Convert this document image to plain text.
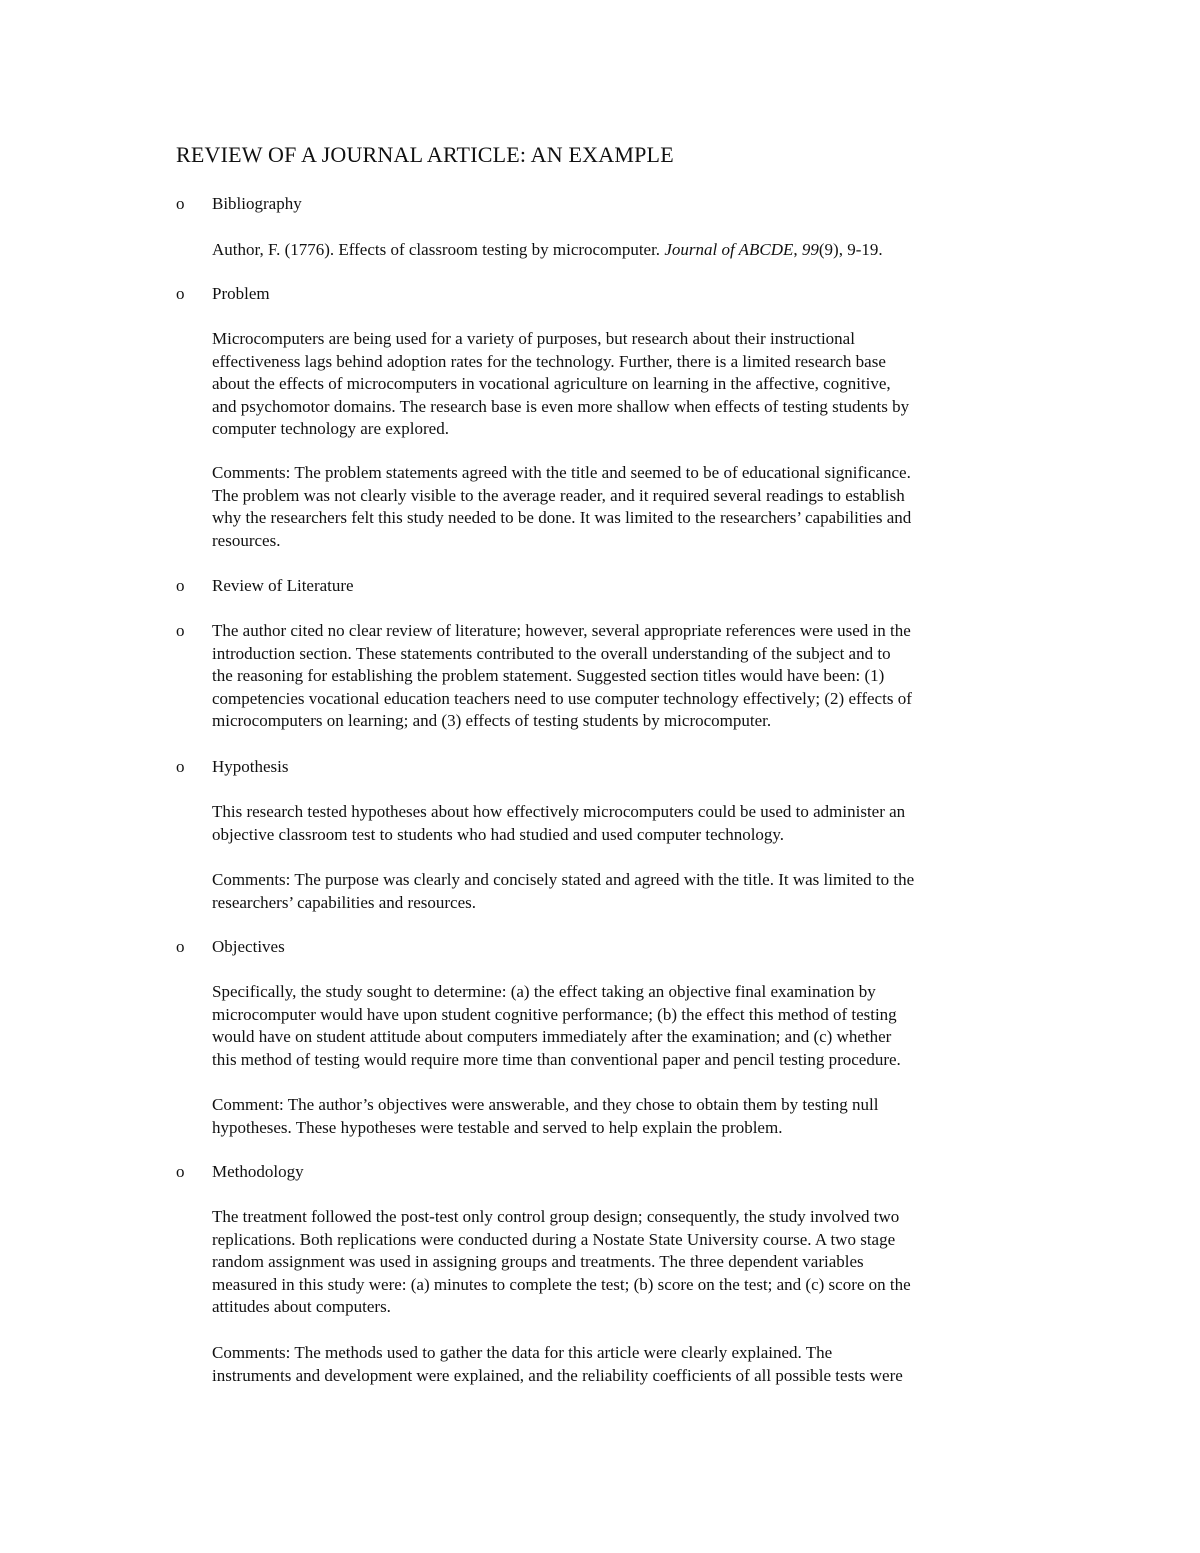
REVIEW OF A JOURNAL ARTICLE: AN EXAMPLE
o Bibliography
Author, F. (1776). Effects of classroom testing by microcomputer. Journal of ABCDE, 99(9), 9-19.
o Problem
Microcomputers are being used for a variety of purposes, but research about their instructional
effectiveness lags behind adoption rates for the technology. Further, there is a limited research base
about the effects of microcomputers in vocational agriculture on learning in the affective, cognitive,
and psychomotor domains. The research base is even more shallow when effects of testing students by
computer technology are explored.
Comments: The problem statements agreed with the title and seemed to be of educational significance.
The problem was not clearly visible to the average reader, and it required several readings to establish
why the researchers felt this study needed to be done. It was limited to the researchers’ capabilities and
resources.
o Review of Literature
o The author cited no clear review of literature; however, several appropriate references were used in the
introduction section. These statements contributed to the overall understanding of the subject and to
the reasoning for establishing the problem statement. Suggested section titles would have been: (1)
competencies vocational education teachers need to use computer technology effectively; (2) effects of
microcomputers on learning; and (3) effects of testing students by microcomputer.
o Hypothesis
This research tested hypotheses about how effectively microcomputers could be used to administer an
objective classroom test to students who had studied and used computer technology.
Comments: The purpose was clearly and concisely stated and agreed with the title. It was limited to the
researchers’ capabilities and resources.
o Objectives
Specifically, the study sought to determine: (a) the effect taking an objective final examination by
microcomputer would have upon student cognitive performance; (b) the effect this method of testing
would have on student attitude about computers immediately after the examination; and (c) whether
this method of testing would require more time than conventional paper and pencil testing procedure.
Comment: The author’s objectives were answerable, and they chose to obtain them by testing null
hypotheses. These hypotheses were testable and served to help explain the problem.
o Methodology
The treatment followed the post-test only control group design; consequently, the study involved two
replications. Both replications were conducted during a Nostate State University course. A two stage
random assignment was used in assigning groups and treatments. The three dependent variables
measured in this study were: (a) minutes to complete the test; (b) score on the test; and (c) score on the
attitudes about computers.
Comments: The methods used to gather the data for this article were clearly explained. The
instruments and development were explained, and the reliability coefficients of all possible tests were
